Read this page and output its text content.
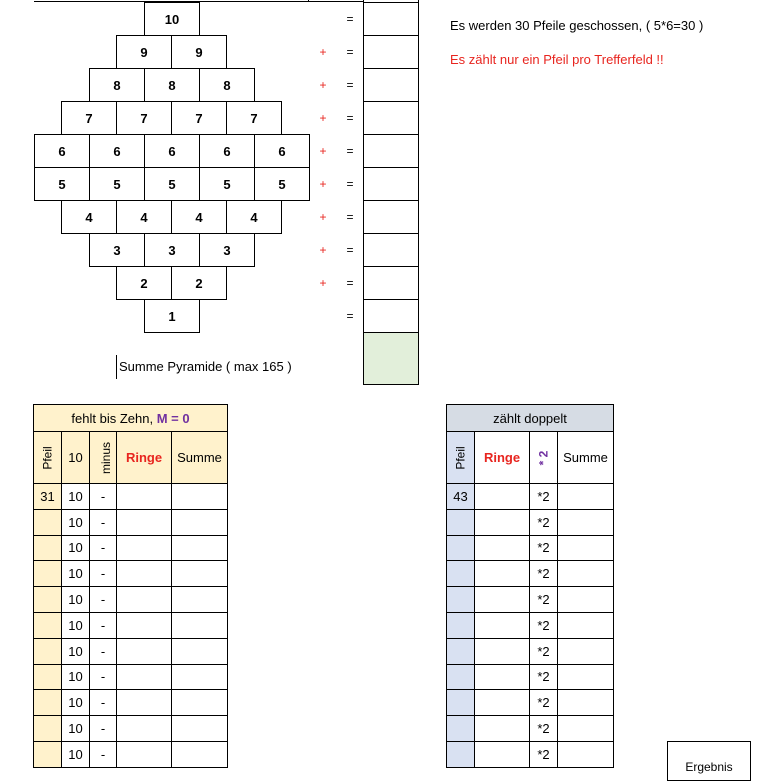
10	=
9	9	+ =
8	8	8	+ =
7	7	7	7	+ =
6	6	6	6	6	+ =
5	5	5	5	5	+ =
4	4	4	4	+ =
3	3	3	+ =
2	2	+ =
1	=
Summe Pyramide ( max 165 )
Es werden 30 Pfeile geschossen, ( 5*6=30 )
Es zählt nur ein Pfeil pro Trefferfeld !!
fehlt bis Zehn, M = 0				
Pfeil	10	minus	Ringe	Summe
31	10	-		
	10	-		
	10	-		
	10	-		
	10	-		
	10	-		
	10	-		
	10	-		
	10	-		
	10	-		
	10	-		
zählt doppelt			
Pfeil	Ringe	* 2	Summe
43		*2	
		*2	
		*2	
		*2	
		*2	
		*2	
		*2	
		*2	
		*2	
		*2	
		*2	
Ergebnis
